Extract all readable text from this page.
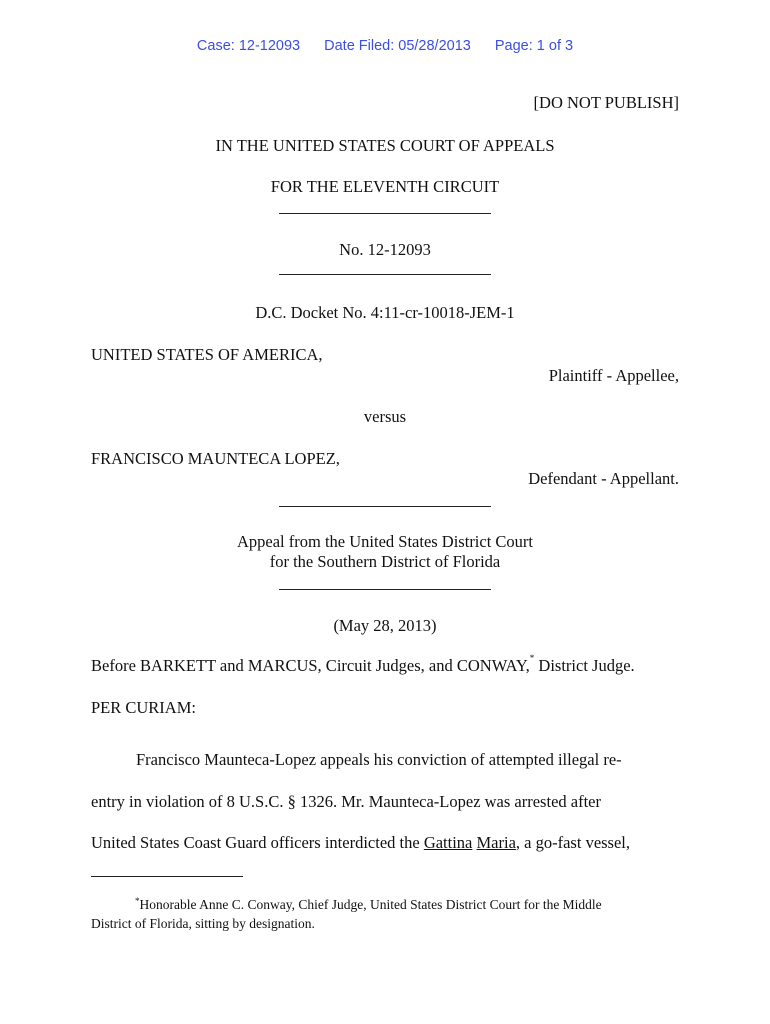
Case: 12-12093 Date Filed: 05/28/2013 Page: 1 of 3
[DO NOT PUBLISH]
IN THE UNITED STATES COURT OF APPEALS
FOR THE ELEVENTH CIRCUIT
No. 12-12093
D.C. Docket No. 4:11-cr-10018-JEM-1
UNITED STATES OF AMERICA,
Plaintiff - Appellee,
versus
FRANCISCO MAUNTECA LOPEZ,
Defendant - Appellant.
Appeal from the United States District Court
for the Southern District of Florida
(May 28, 2013)
Before BARKETT and MARCUS, Circuit Judges, and CONWAY,* District Judge.
PER CURIAM:
Francisco Maunteca-Lopez appeals his conviction of attempted illegal re-
entry in violation of 8 U.S.C. § 1326. Mr. Maunteca-Lopez was arrested after
United States Coast Guard officers interdicted the Gattina Maria, a go-fast vessel,
*Honorable Anne C. Conway, Chief Judge, United States District Court for the Middle
District of Florida, sitting by designation.
